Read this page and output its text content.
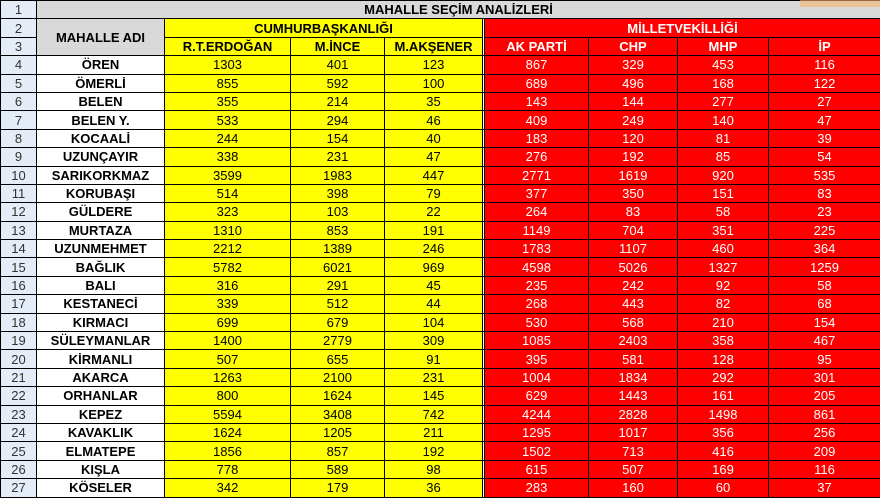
1	MAHALLE SEÇİM ANALİZLERİ								
2	MAHALLE ADI	CUMHURBAŞKANLIĞI				MİLLETVEKİLLİĞİ			
3		R.T.ERDOĞAN	M.İNCE	M.AKŞENER		AK PARTİ	CHP	MHP	İP
4	ÖREN	1303	401	123		867	329	453	116
5	ÖMERLİ	855	592	100		689	496	168	122
6	BELEN	355	214	35		143	144	277	27
7	BELEN Y.	533	294	46		409	249	140	47
8	KOCAALİ	244	154	40		183	120	81	39
9	UZUNÇAYIR	338	231	47		276	192	85	54
10	SARIKORKMAZ	3599	1983	447		2771	1619	920	535
11	KORUBAŞI	514	398	79		377	350	151	83
12	GÜLDERE	323	103	22		264	83	58	23
13	MURTAZA	1310	853	191		1149	704	351	225
14	UZUNMEHMET	2212	1389	246		1783	1107	460	364
15	BAĞLIK	5782	6021	969		4598	5026	1327	1259
16	BALI	316	291	45		235	242	92	58
17	KESTANECİ	339	512	44		268	443	82	68
18	KIRMACI	699	679	104		530	568	210	154
19	SÜLEYMANLAR	1400	2779	309		1085	2403	358	467
20	KİRMANLI	507	655	91		395	581	128	95
21	AKARCA	1263	2100	231		1004	1834	292	301
22	ORHANLAR	800	1624	145		629	1443	161	205
23	KEPEZ	5594	3408	742		4244	2828	1498	861
24	KAVAKLIK	1624	1205	211		1295	1017	356	256
25	ELMATEPE	1856	857	192		1502	713	416	209
26	KIŞLA	778	589	98		615	507	169	116
27	KÖSELER	342	179	36		283	160	60	37
